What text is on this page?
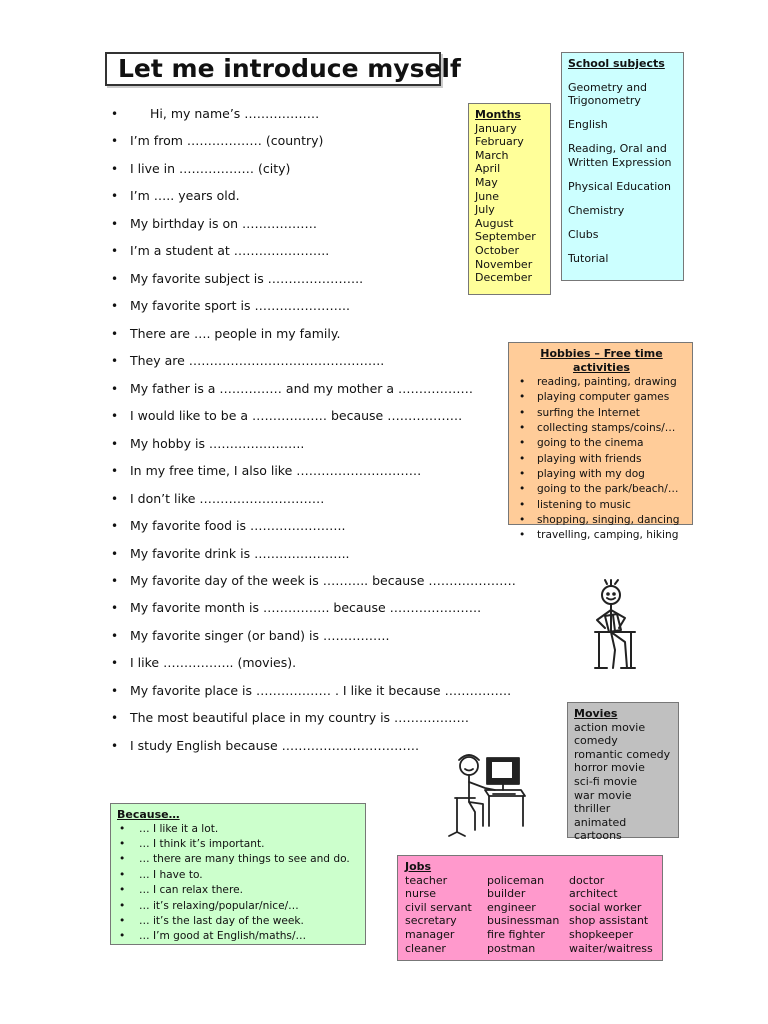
Let me introduce myself
•	Hi, my name’s ………………
• I’m from ……………… (country)
• I live in ……………… (city)
• I’m ….. years old.
• My birthday is on ………………
• I’m a student at …………………..
• My favorite subject is …………………..
• My favorite sport is …………………..
• There are …. people in my family.
• They are ………………………………………..
• My father is a …………… and my mother a ………………
• I would like to be a ……………… because ………………
• My hobby is …………………..
• In my free time, I also like …………………………
• I don’t like …………………………
• My favorite food is …………………..
• My favorite drink is …………………..
• My favorite day of the week is ……….. because …………………
• My favorite month is ……………. because ………………….
• My favorite singer (or band) is …………….
• I like …………….. (movies).
• My favorite place is ……………… . I like it because …………….
• The most beautiful place in my country is ………………
• I study English because ……………………………
Months
January
February
March
April
May
June
July
August
September
October
November
December
School subjects
Geometry and Trigonometry
English
Reading, Oral and Written Expression
Physical Education
Chemistry
Clubs
Tutorial
Hobbies – Free time activities
• reading, painting, drawing
• playing computer games
• surfing the Internet
• collecting stamps/coins/…
• going to the cinema
• playing with friends
• playing with my dog
• going to the park/beach/…
• listening to music
• shopping, singing, dancing
• travelling, camping, hiking
Movies
action movie
comedy
romantic comedy
horror movie
sci-fi movie
war movie
thriller
animated cartoons
Because…
• … I like it a lot.
• … I think it’s important.
• … there are many things to see and do.
• … I have to.
• … I can relax there.
• … it’s relaxing/popular/nice/…
• … it’s the last day of the week.
• … I’m good at English/maths/…
Jobs
teacher
nurse
civil servant
secretary
manager
cleaner
policeman
builder
engineer
businessman
fire fighter
postman
doctor
architect
social worker
shop assistant
shopkeeper
waiter/waitress
